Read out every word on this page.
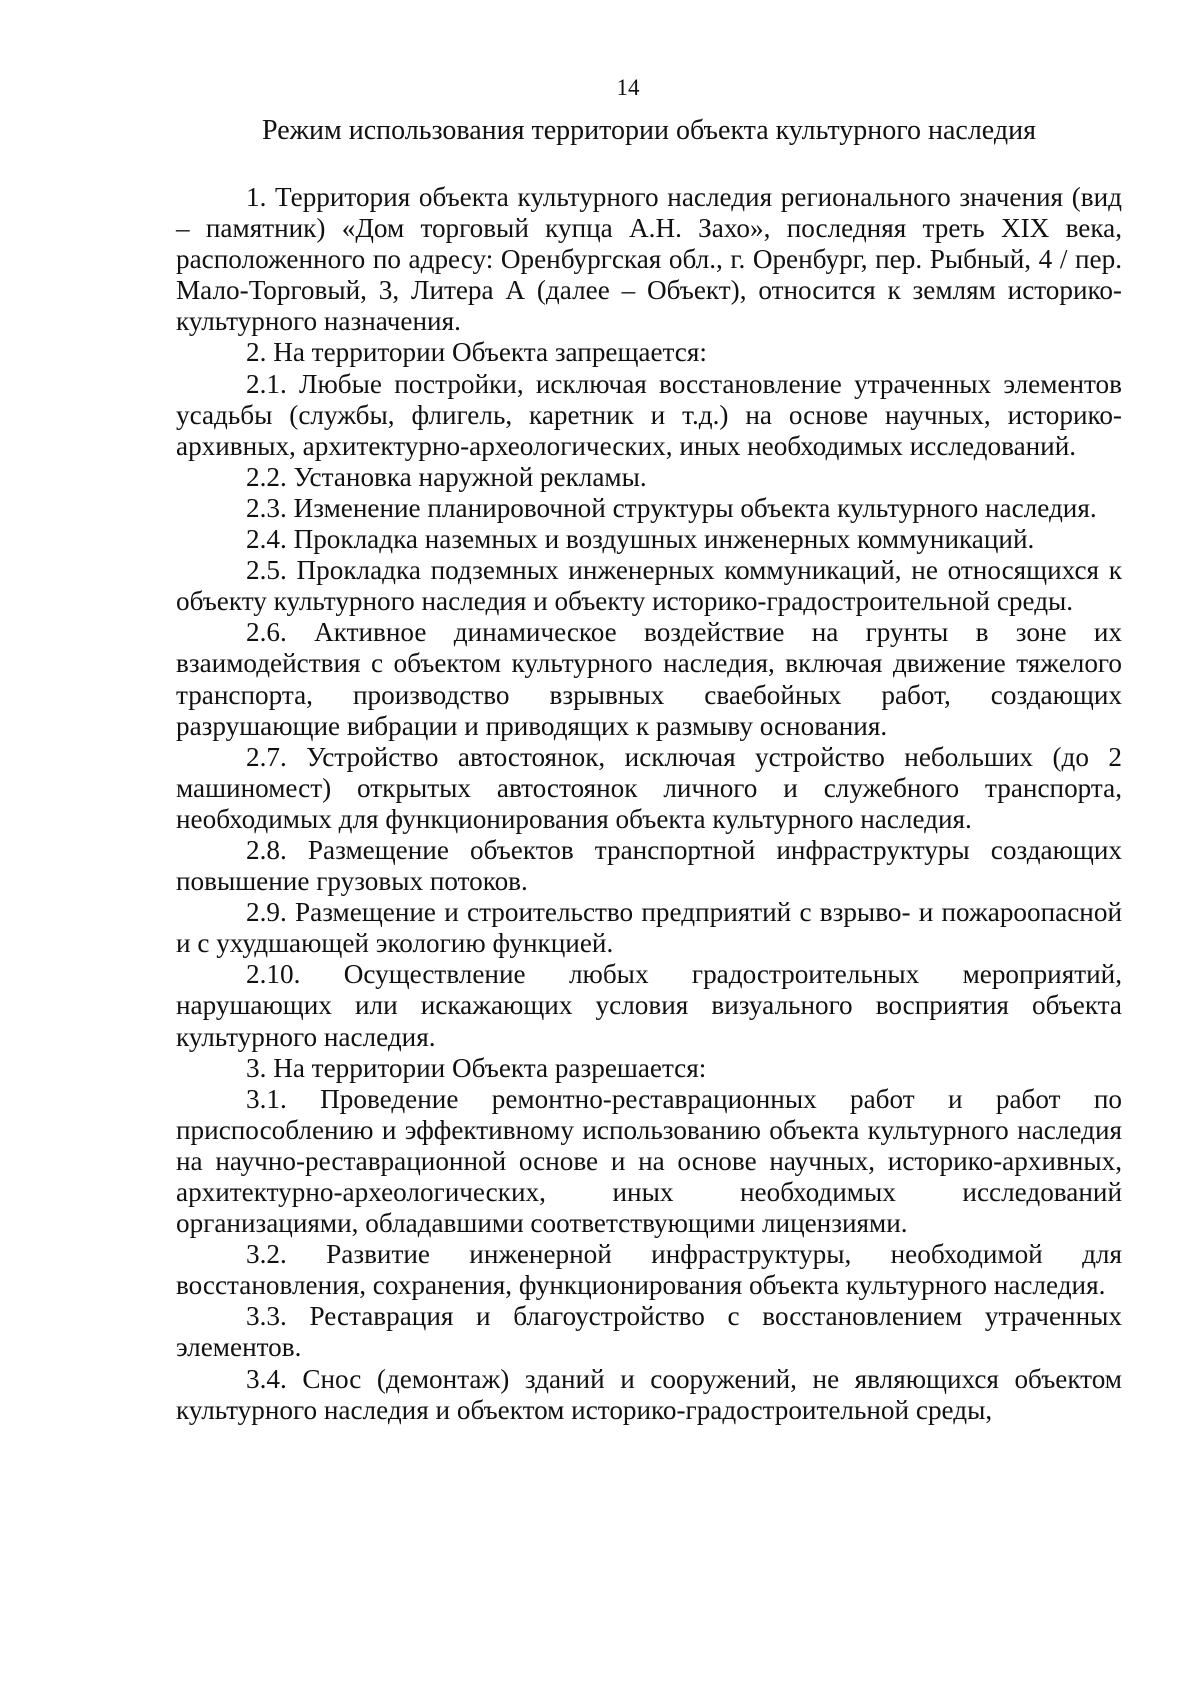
14
Режим использования территории объекта культурного наследия

1. Территория объекта культурного наследия регионального значения (вид – памятник) «Дом торговый купца А.Н. Захо», последняя треть XIX века, расположенного по адресу: Оренбургская обл., г. Оренбург, пер. Рыбный, 4 / пер. Мало-Торговый, 3, Литера А (далее – Объект), относится к землям историко-культурного назначения.

2. На территории Объекта запрещается:

2.1. Любые постройки, исключая восстановление утраченных элементов усадьбы (службы, флигель, каретник и т.д.) на основе научных, историко-архивных, архитектурно-археологических, иных необходимых исследований.

2.2. Установка наружной рекламы.

2.3. Изменение планировочной структуры объекта культурного наследия.

2.4. Прокладка наземных и воздушных инженерных коммуникаций.

2.5. Прокладка подземных инженерных коммуникаций, не относящихся к объекту культурного наследия и объекту историко-градостроительной среды.

2.6. Активное динамическое воздействие на грунты в зоне их взаимодействия с объектом культурного наследия, включая движение тяжелого транспорта, производство взрывных сваебойных работ, создающих разрушающие вибрации и приводящих к размыву основания.

2.7. Устройство автостоянок, исключая устройство небольших (до 2 машиномест) открытых автостоянок личного и служебного транспорта, необходимых для функционирования объекта культурного наследия.

2.8. Размещение объектов транспортной инфраструктуры создающих повышение грузовых потоков.

2.9. Размещение и строительство предприятий с взрыво- и пожароопасной и с ухудшающей экологию функцией.

2.10. Осуществление любых градостроительных мероприятий, нарушающих или искажающих условия визуального восприятия объекта культурного наследия.

3. На территории Объекта разрешается:

3.1. Проведение ремонтно-реставрационных работ и работ по приспособлению и эффективному использованию объекта культурного наследия на научно-реставрационной основе и на основе научных, историко-архивных, архитектурно-археологических, иных необходимых исследований организациями, обладавшими соответствующими лицензиями.

3.2. Развитие инженерной инфраструктуры, необходимой для восстановления, сохранения, функционирования объекта культурного наследия.

3.3. Реставрация и благоустройство с восстановлением утраченных элементов.

3.4. Снос (демонтаж) зданий и сооружений, не являющихся объектом культурного наследия и объектом историко-градостроительной среды,
